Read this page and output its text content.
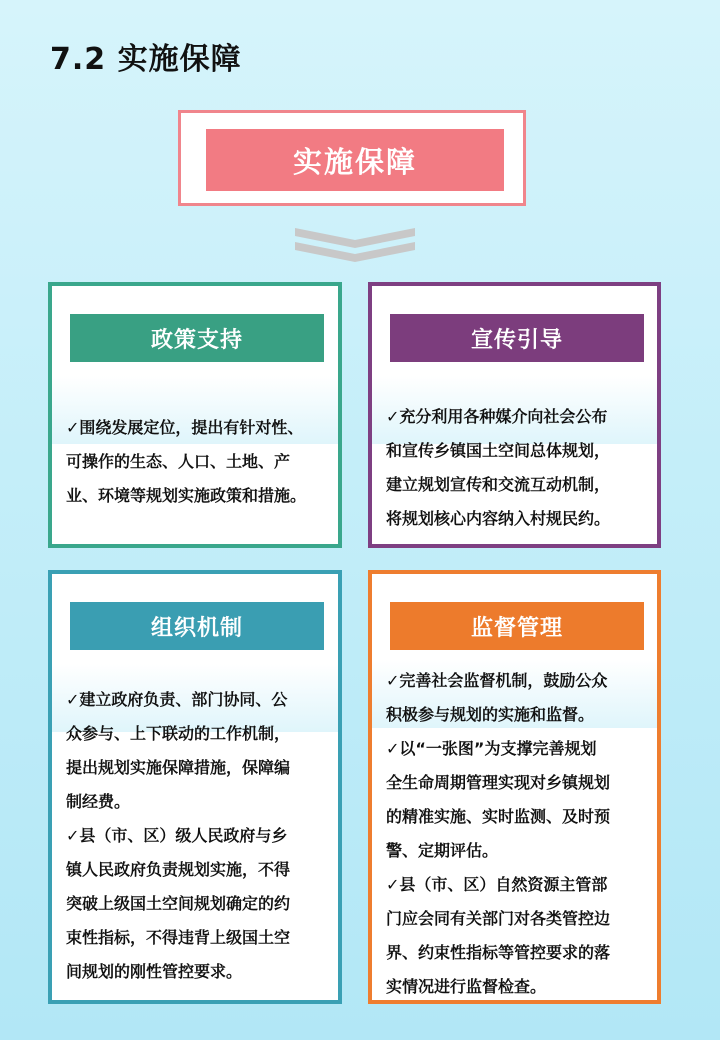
7.2 实施保障
实施保障
政策支持

✓围绕发展定位，提出有针对性、

可操作的生态、人口、土地、产

业、环境等规划实施政策和措施。

宣传引导

✓充分利用各种媒介向社会公布

和宣传乡镇国土空间总体规划，

建立规划宣传和交流互动机制，

将规划核心内容纳入村规民约。

组织机制

✓建立政府负责、部门协同、公

众参与、上下联动的工作机制，

提出规划实施保障措施，保障编

制经费。

✓县（市、区）级人民政府与乡

镇人民政府负责规划实施，不得

突破上级国土空间规划确定的约

束性指标，不得违背上级国土空

间规划的刚性管控要求。

监督管理

✓完善社会监督机制，鼓励公众

积极参与规划的实施和监督。

✓以“一张图”为支撑完善规划

全生命周期管理实现对乡镇规划

的精准实施、实时监测、及时预

警、定期评估。

✓县（市、区）自然资源主管部

门应会同有关部门对各类管控边

界、约束性指标等管控要求的落

实情况进行监督检查。
